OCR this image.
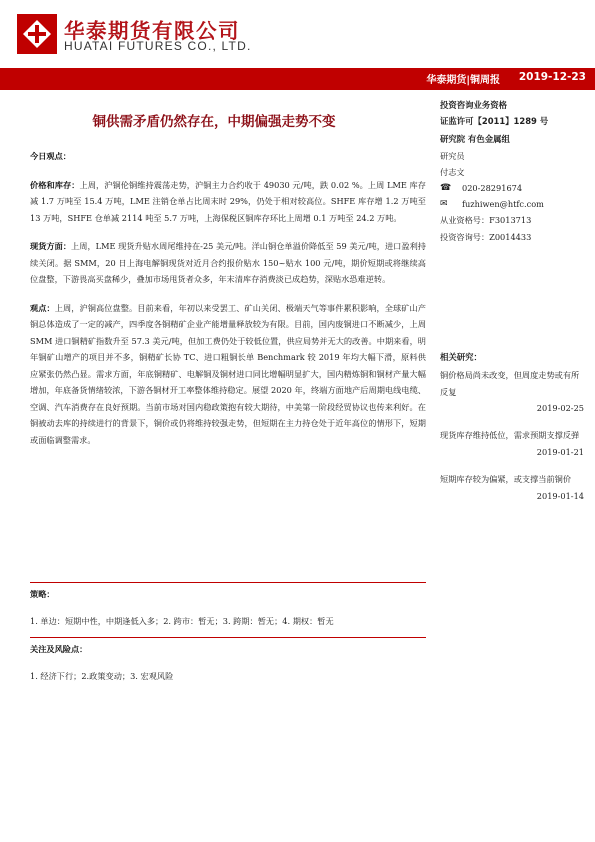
华泰期货有限公司
HUATAI FUTURES CO., LTD.
华泰期货|铜周报 2019-12-23
铜供需矛盾仍然存在，中期偏强走势不变

今日观点：

价格和库存：上周，沪铜伦铜维持震荡走势，沪铜主力合约收于 49030 元/吨，跌 0.02 %。上周 LME 库存减 1.7 万吨至 15.4 万吨，LME 注销仓单占比周末时 29%，仍处于相对较高位。SHFE 库存增 1.2 万吨至 13 万吨，SHFE 仓单减 2114 吨至 5.7 万吨，上海保税区铜库存环比上周增 0.1 万吨至 24.2 万吨。

现货方面：上周，LME 现货升贴水周尾维持在-25 美元/吨。洋山铜仓单溢价降低至 59 美元/吨，进口盈利持续关闭。据 SMM，20 日上海电解铜现货对近月合约报价贴水 150~贴水 100 元/吨，期价短期或将继续高位盘整，下游畏高买盘稀少，叠加市场甩货者众多，年末清库存消费淡已成趋势，深贴水恐难逆转。

观点：上周，沪铜高位盘整。目前来看，年初以来受罢工、矿山关闭、极端天气等事件累积影响，全球矿山产铜总体造成了一定的减产，四季度各铜精矿企业产能增量释放较为有限。目前，国内废铜进口不断减少，上周 SMM 进口铜精矿指数升至 57.3 美元/吨，但加工费仍处于较低位置，供应局势并无大的改善。中期来看，明年铜矿山增产的项目并不多，铜精矿长协 TC、进口粗铜长单 Benchmark 较 2019 年均大幅下滑，原料供应紧张仍然凸显。需求方面，年底铜精矿、电解铜及铜材进口同比增幅明显扩大，国内精炼铜和铜材产量大幅增加，年底备货情绪较浓，下游各铜材开工率整体维持稳定。展望 2020 年，终端方面地产后周期电线电缆、空调、汽车消费存在良好预期。当前市场对国内稳政策抱有较大期待，中美第一阶段经贸协议也传来利好。在铜被动去库的持续进行的背景下，铜价或仍将维持较强走势，但短期在主力持仓处于近年高位的情形下，短期或面临调整需求。

策略：

1. 单边：短期中性，中期逢低入多；2. 跨市：暂无；3. 跨期：暂无；4. 期权：暂无

关注及风险点：

1. 经济下行；2.政策变动；3. 宏观风险

投资咨询业务资格
证监许可【2011】1289 号
研究院 有色金属组
研究员
付志文
☎	020-28291674
✉	fuzhiwen@htfc.com
从业资格号：F3013713
投资咨询号：Z0014433
相关研究：
铜价格局尚未改变，但周度走势或有所反复
2019-02-25
现货库存维持低位，需求预期支撑反弹
2019-01-21
短期库存较为偏紧，或支撑当前铜价
2019-01-14
